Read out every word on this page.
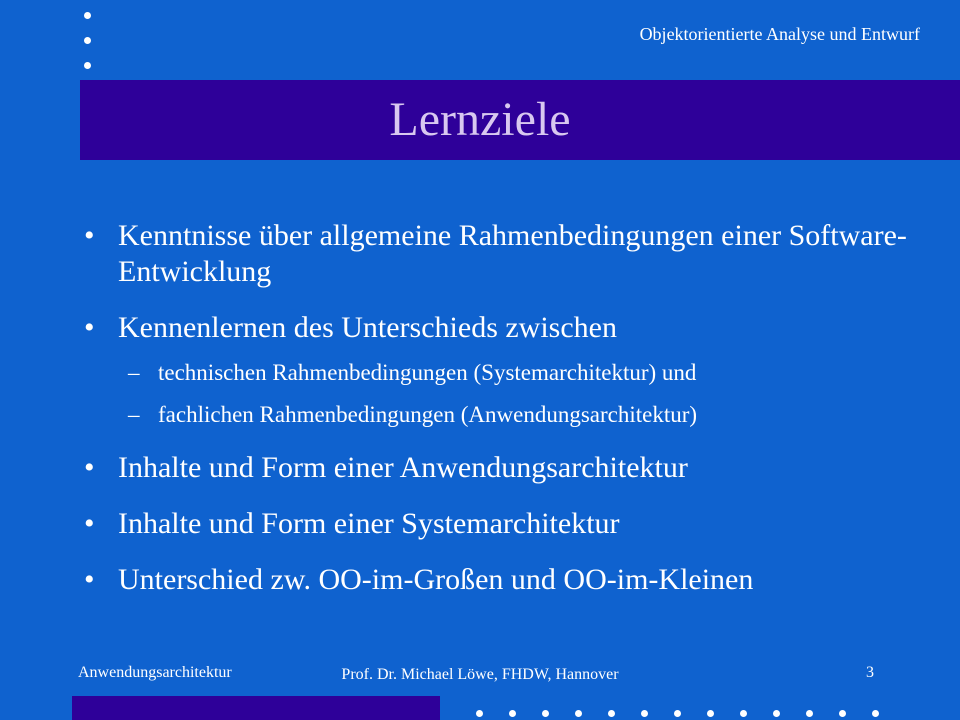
Objektorientierte Analyse und Entwurf
Lernziele
• Kenntnisse über allgemeine Rahmenbedingungen einer Software-Entwicklung
• Kennenlernen des Unterschieds zwischen
– technischen Rahmenbedingungen (Systemarchitektur) und
– fachlichen Rahmenbedingungen (Anwendungsarchitektur)
• Inhalte und Form einer Anwendungsarchitektur
• Inhalte und Form einer Systemarchitektur
• Unterschied zw. OO-im-Großen und OO-im-Kleinen
Anwendungsarchitektur	Prof. Dr. Michael Löwe, FHDW, Hannover	3
